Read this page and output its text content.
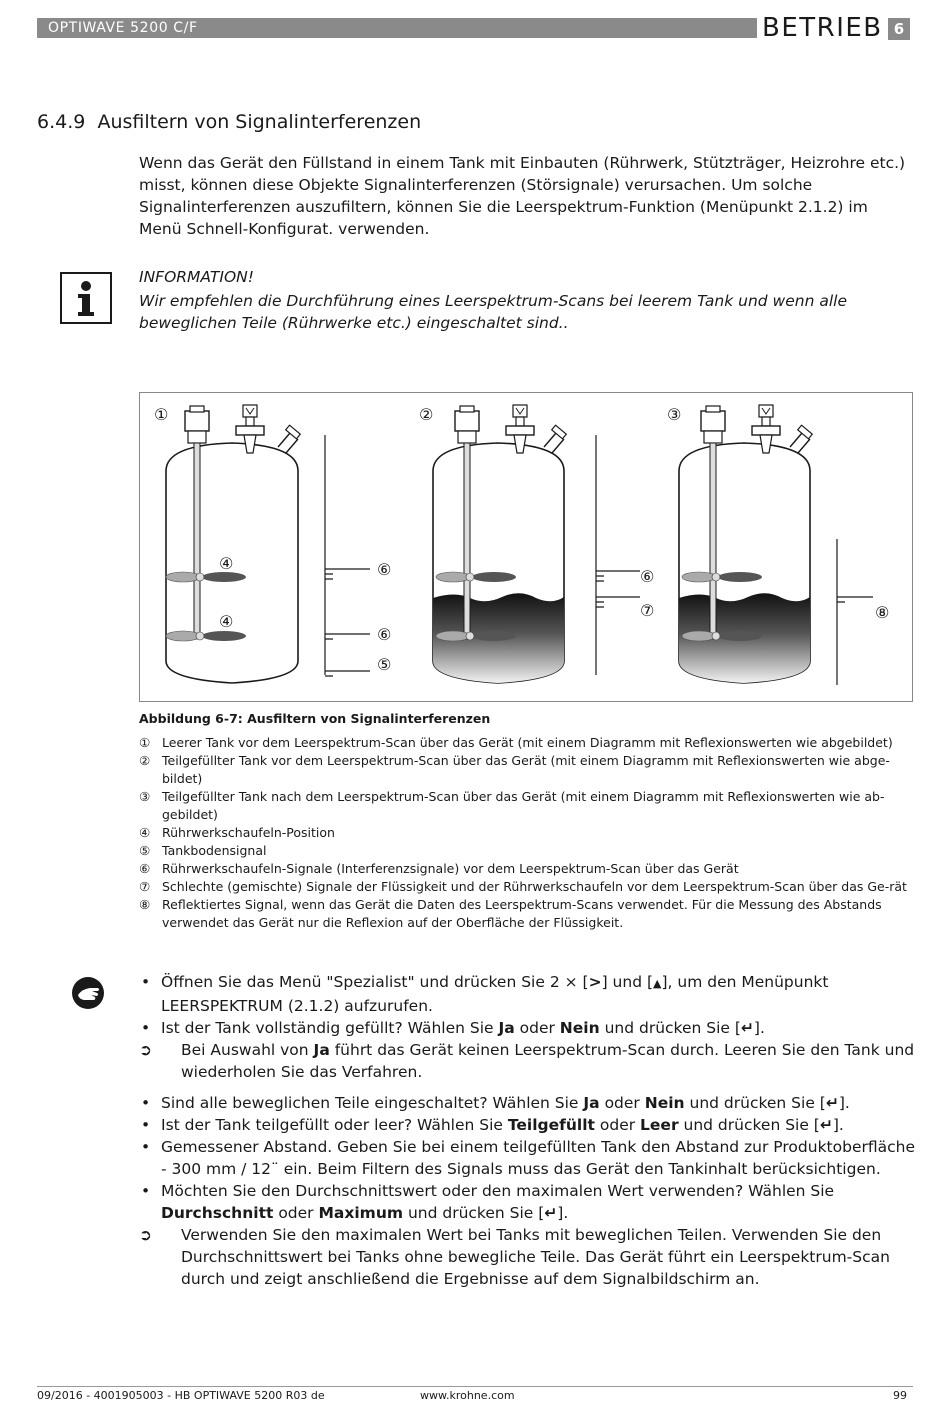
OPTIWAVE 5200 C/F	BETRIEB 6
6.4.9 Ausfiltern von Signalinterferenzen
Wenn das Gerät den Füllstand in einem Tank mit Einbauten (Rührwerk, Stützträger, Heizrohre etc.) misst, können diese Objekte Signalinterferenzen (Störsignale) verursachen. Um solche Signalinterferenzen auszufiltern, können Sie die Leerspektrum-Funktion (Menüpunkt 2.1.2) im Menü Schnell-Konfigurat. verwenden.
INFORMATION!
Wir empfehlen die Durchführung eines Leerspektrum-Scans bei leerem Tank und wenn alle beweglichen Teile (Rührwerke etc.) eingeschaltet sind..
①	②	③
④
④
⑤
⑥
⑥
⑥
⑦	⑧
Abbildung 6-7: Ausfiltern von Signalinterferenzen
① Leerer Tank vor dem Leerspektrum-Scan über das Gerät (mit einem Diagramm mit Reflexionswerten wie abgebildet)
② Teilgefüllter Tank vor dem Leerspektrum-Scan über das Gerät (mit einem Diagramm mit Reflexionswerten wie abge-bildet)
③ Teilgefüllter Tank nach dem Leerspektrum-Scan über das Gerät (mit einem Diagramm mit Reflexionswerten wie ab-gebildet)
④ Rührwerkschaufeln-Position
⑤ Tankbodensignal
⑥ Rührwerkschaufeln-Signale (Interferenzsignale) vor dem Leerspektrum-Scan über das Gerät
⑦ Schlechte (gemischte) Signale der Flüssigkeit und der Rührwerkschaufeln vor dem Leerspektrum-Scan über das Ge-rät
⑧ Reflektiertes Signal, wenn das Gerät die Daten des Leerspektrum-Scans verwendet. Für die Messung des Abstands verwendet das Gerät nur die Reflexion auf der Oberfläche der Flüssigkeit.
• Öffnen Sie das Menü "Spezialist" und drücken Sie 2 × [>] und [▲], um den Menüpunkt LEERSPEKTRUM (2.1.2) aufzurufen.
• Ist der Tank vollständig gefüllt? Wählen Sie Ja oder Nein und drücken Sie [↵].
➲	Bei Auswahl von Ja führt das Gerät keinen Leerspektrum-Scan durch. Leeren Sie den Tank und wiederholen Sie das Verfahren.
• Sind alle beweglichen Teile eingeschaltet? Wählen Sie Ja oder Nein und drücken Sie [↵].
• Ist der Tank teilgefüllt oder leer? Wählen Sie Teilgefüllt oder Leer und drücken Sie [↵].
• Gemessener Abstand. Geben Sie bei einem teilgefüllten Tank den Abstand zur Produktoberfläche - 300 mm / 12¨ ein. Beim Filtern des Signals muss das Gerät den Tankinhalt berücksichtigen.
• Möchten Sie den Durchschnittswert oder den maximalen Wert verwenden? Wählen Sie Durchschnitt oder Maximum und drücken Sie [↵].
➲	Verwenden Sie den maximalen Wert bei Tanks mit beweglichen Teilen. Verwenden Sie den Durchschnittswert bei Tanks ohne bewegliche Teile. Das Gerät führt ein Leerspektrum-Scan durch und zeigt anschließend die Ergebnisse auf dem Signalbildschirm an.
09/2016 - 4001905003 - HB OPTIWAVE 5200 R03 de	www.krohne.com	99
